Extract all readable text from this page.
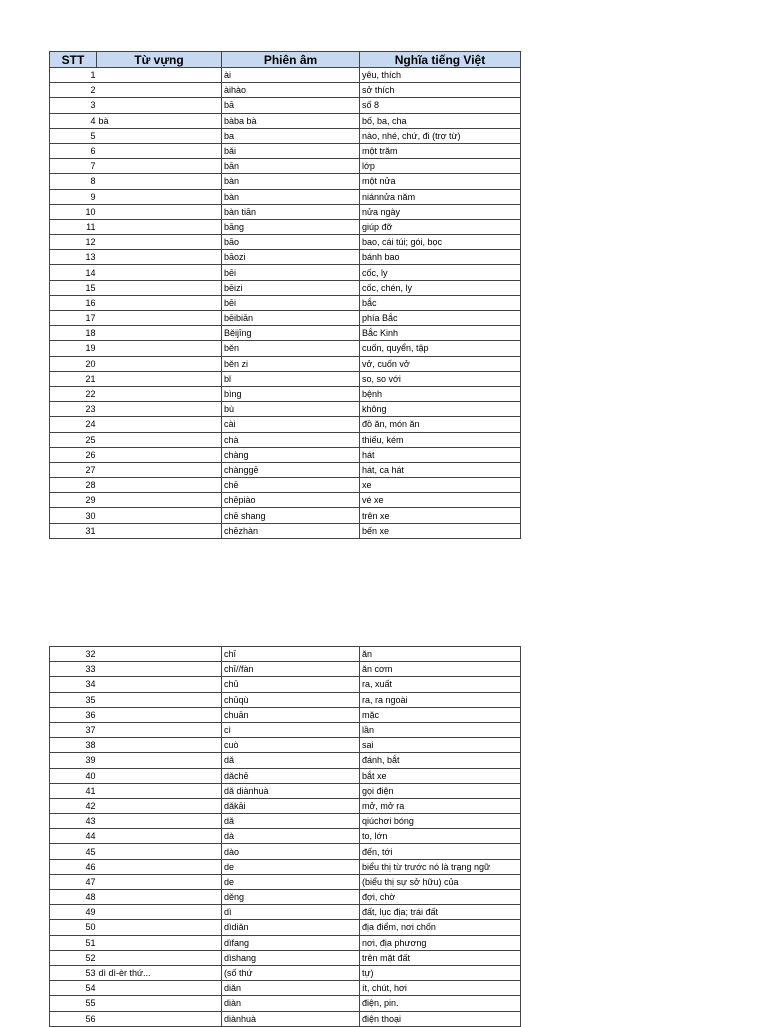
STT	Từ vựng	Phiên âm	Nghĩa tiếng Việt
1		ài	yêu, thích
2		àihào	sở thích
3		bā	số 8
4	bà	bàba bà	bố, ba, cha
5		ba	nào, nhé, chứ, đi (trợ từ)
6		bǎi	một trăm
7		bān	lớp
8		bàn	một nửa
9		bàn	niánnửa năm
10		bàn tiān	nửa ngày
11		bāng	giúp đỡ
12		bāo	bao, cái túi; gói, bọc
13		bāozi	bánh bao
14		bēi	cốc, ly
15		bēizi	cốc, chén, ly
16		bēi	bắc
17		bēibiān	phía Bắc
18		Běijīng	Bắc Kinh
19		běn	cuốn, quyển, tập
20		běn zi	vở, cuốn vở
21		bǐ	so, so với
22		bìng	bệnh
23		bù	không
24		cài	đồ ăn, món ăn
25		chà	thiếu, kém
26		chàng	hát
27		chànggē	hát, ca hát
28		chē	xe
29		chēpiào	vé xe
30		chē shang	trên xe
31		chēzhàn	bến xe
32		chī	ăn
33		chī//fàn	ăn cơm
34		chū	ra, xuất
35		chūqù	ra, ra ngoài
36		chuān	mặc
37		cì	lần
38		cuò	sai
39		dǎ	đánh, bắt
40		dǎchē	bắt xe
41		dǎ diànhuà	gọi điện
42		dǎkāi	mở, mở ra
43		dǎ	qiúchơi bóng
44		dà	to, lớn
45		dào	đến, tới
46		de	biểu thị từ trước nó là trạng ngữ
47		de	(biểu thị sự sở hữu) của
48		děng	đợi, chờ
49		dì	đất, lục địa; trái đất
50		dìdiǎn	địa điểm, nơi chốn
51		dìfang	nơi, địa phương
52		dìshang	trên mặt đất
53	dì dì-èr thứ...	(số thứ	tự)
54		diǎn	ít, chút, hơi
55		diàn	điện, pin.
56		diànhuà	điện thoại
